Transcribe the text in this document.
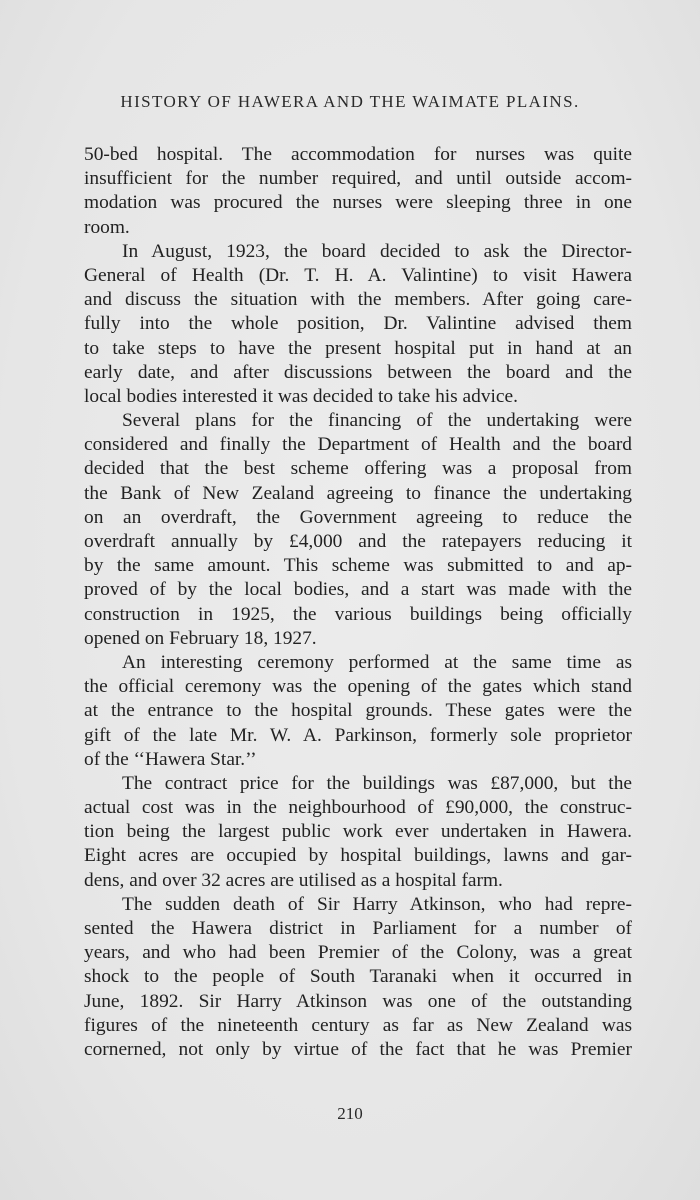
HISTORY OF HAWERA AND THE WAIMATE PLAINS.
50-bed hospital. The accommodation for nurses was quite
insufficient for the number required, and until outside accom-
modation was procured the nurses were sleeping three in one
room.
In August, 1923, the board decided to ask the Director-
General of Health (Dr. T. H. A. Valintine) to visit Hawera
and discuss the situation with the members. After going care-
fully into the whole position, Dr. Valintine advised them
to take steps to have the present hospital put in hand at an
early date, and after discussions between the board and the
local bodies interested it was decided to take his advice.
Several plans for the financing of the undertaking were
considered and finally the Department of Health and the board
decided that the best scheme offering was a proposal from
the Bank of New Zealand agreeing to finance the undertaking
on an overdraft, the Government agreeing to reduce the
overdraft annually by £4,000 and the ratepayers reducing it
by the same amount. This scheme was submitted to and ap-
proved of by the local bodies, and a start was made with the
construction in 1925, the various buildings being officially
opened on February 18, 1927.
An interesting ceremony performed at the same time as
the official ceremony was the opening of the gates which stand
at the entrance to the hospital grounds. These gates were the
gift of the late Mr. W. A. Parkinson, formerly sole proprietor
of the ‘‘Hawera Star.’’
The contract price for the buildings was £87,000, but the
actual cost was in the neighbourhood of £90,000, the construc-
tion being the largest public work ever undertaken in Hawera.
Eight acres are occupied by hospital buildings, lawns and gar-
dens, and over 32 acres are utilised as a hospital farm.
The sudden death of Sir Harry Atkinson, who had repre-
sented the Hawera district in Parliament for a number of
years, and who had been Premier of the Colony, was a great
shock to the people of South Taranaki when it occurred in
June, 1892. Sir Harry Atkinson was one of the outstanding
figures of the nineteenth century as far as New Zealand was
cornerned, not only by virtue of the fact that he was Premier
210
